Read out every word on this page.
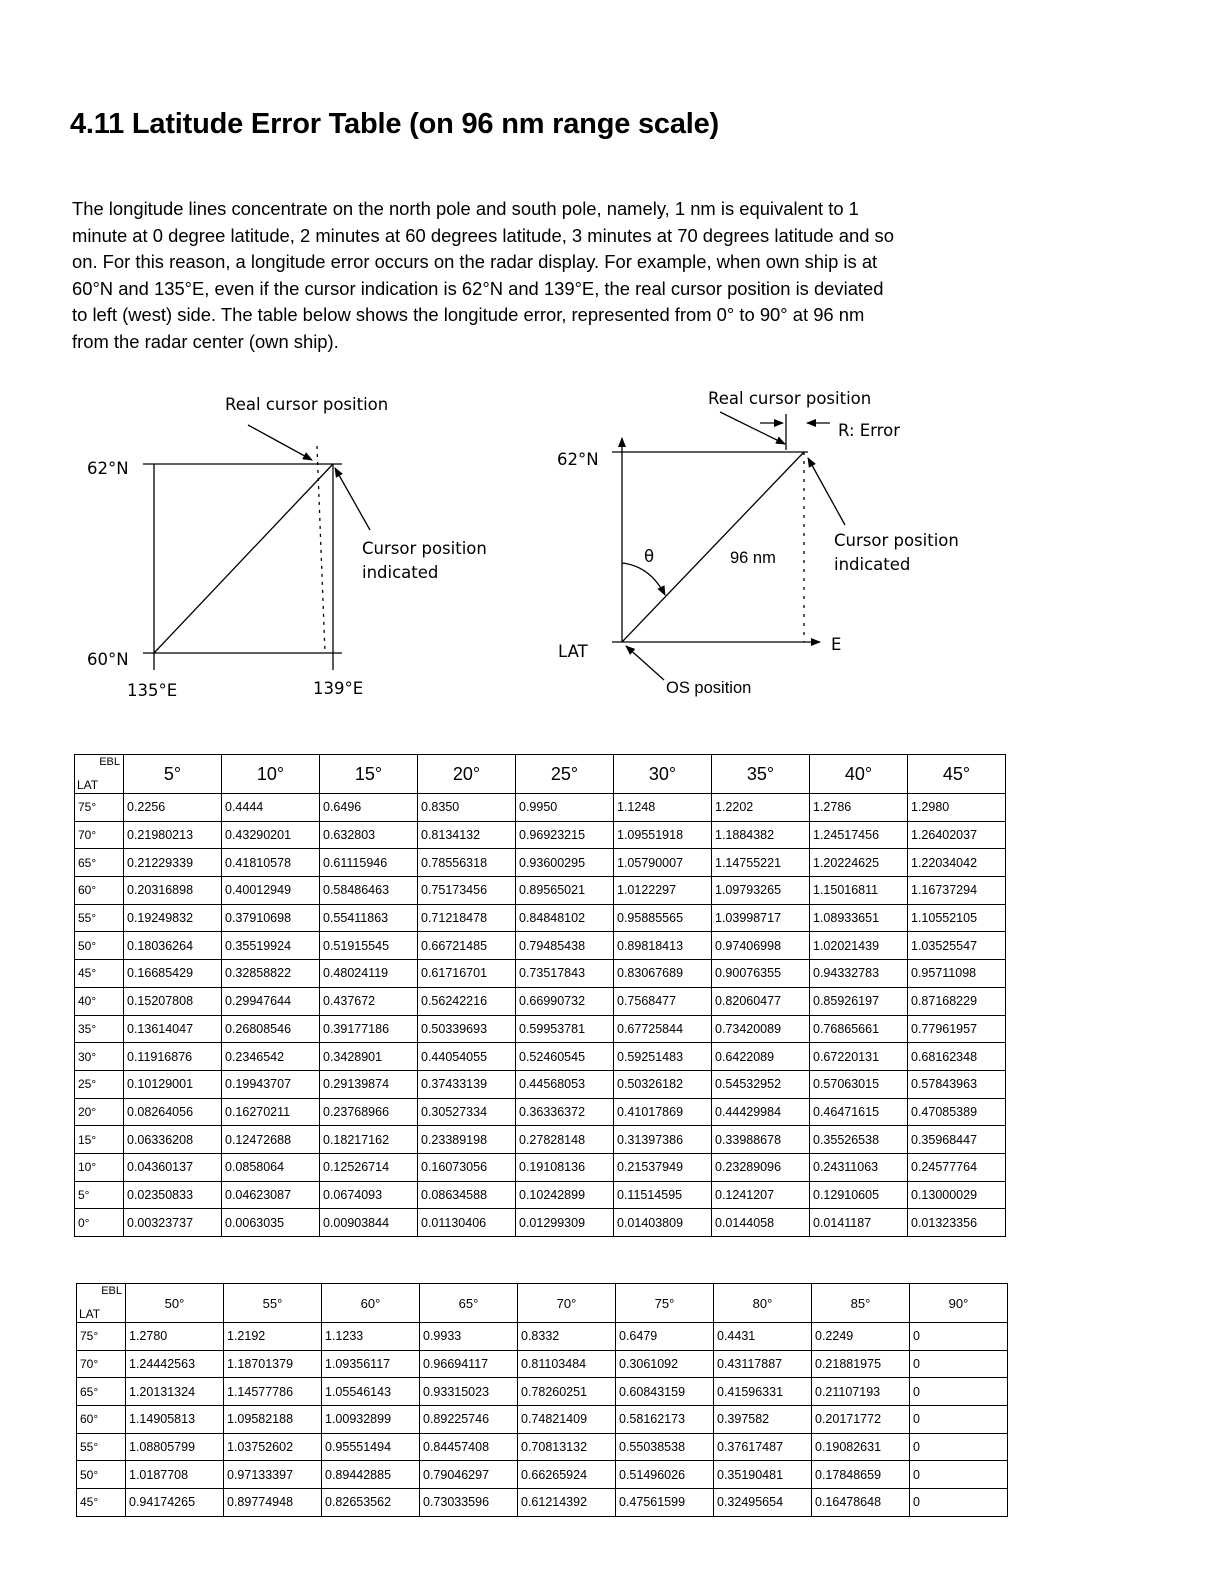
4.11 Latitude Error Table (on 96 nm range scale)

The longitude lines concentrate on the north pole and south pole, namely, 1 nm is equivalent to 1
minute at 0 degree latitude, 2 minutes at 60 degrees latitude, 3 minutes at 70 degrees latitude and so
on. For this reason, a longitude error occurs on the radar display. For example, when own ship is at
60°N and 135°E, even if the cursor indication is 62°N and 139°E, the real cursor position is deviated
to left (west) side. The table below shows the longitude error, represented from 0° to 90° at 96 nm
from the radar center (own ship).

Real cursor position
62°N
60°N
Cursor position
indicated
135°E	139°E
Real cursor position
R: Error
62°N
θ	96 nm
Cursor position
indicated
LAT	E
OS position
EBL
LAT	5°	10°	15°	20°	25°	30°	35°	40°	45°
75°	0.2256	0.4444	0.6496	0.8350	0.9950	1.1248	1.2202	1.2786	1.2980
70°	0.21980213	0.43290201	0.632803	0.8134132	0.96923215	1.09551918	1.1884382	1.24517456	1.26402037
65°	0.21229339	0.41810578	0.61115946	0.78556318	0.93600295	1.05790007	1.14755221	1.20224625	1.22034042
60°	0.20316898	0.40012949	0.58486463	0.75173456	0.89565021	1.0122297	1.09793265	1.15016811	1.16737294
55°	0.19249832	0.37910698	0.55411863	0.71218478	0.84848102	0.95885565	1.03998717	1.08933651	1.10552105
50°	0.18036264	0.35519924	0.51915545	0.66721485	0.79485438	0.89818413	0.97406998	1.02021439	1.03525547
45°	0.16685429	0.32858822	0.48024119	0.61716701	0.73517843	0.83067689	0.90076355	0.94332783	0.95711098
40°	0.15207808	0.29947644	0.437672	0.56242216	0.66990732	0.7568477	0.82060477	0.85926197	0.87168229
35°	0.13614047	0.26808546	0.39177186	0.50339693	0.59953781	0.67725844	0.73420089	0.76865661	0.77961957
30°	0.11916876	0.2346542	0.3428901	0.44054055	0.52460545	0.59251483	0.6422089	0.67220131	0.68162348
25°	0.10129001	0.19943707	0.29139874	0.37433139	0.44568053	0.50326182	0.54532952	0.57063015	0.57843963
20°	0.08264056	0.16270211	0.23768966	0.30527334	0.36336372	0.41017869	0.44429984	0.46471615	0.47085389
15°	0.06336208	0.12472688	0.18217162	0.23389198	0.27828148	0.31397386	0.33988678	0.35526538	0.35968447
10°	0.04360137	0.0858064	0.12526714	0.16073056	0.19108136	0.21537949	0.23289096	0.24311063	0.24577764
5°	0.02350833	0.04623087	0.0674093	0.08634588	0.10242899	0.11514595	0.1241207	0.12910605	0.13000029
0°	0.00323737	0.0063035	0.00903844	0.01130406	0.01299309	0.01403809	0.0144058	0.0141187	0.01323356
EBL
LAT	50°	55°	60°	65°	70°	75°	80°	85°	90°
75°	1.2780	1.2192	1.1233	0.9933	0.8332	0.6479	0.4431	0.2249	0
70°	1.24442563	1.18701379	1.09356117	0.96694117	0.81103484	0.3061092	0.43117887	0.21881975	0
65°	1.20131324	1.14577786	1.05546143	0.93315023	0.78260251	0.60843159	0.41596331	0.21107193	0
60°	1.14905813	1.09582188	1.00932899	0.89225746	0.74821409	0.58162173	0.397582	0.20171772	0
55°	1.08805799	1.03752602	0.95551494	0.84457408	0.70813132	0.55038538	0.37617487	0.19082631	0
50°	1.0187708	0.97133397	0.89442885	0.79046297	0.66265924	0.51496026	0.35190481	0.17848659	0
45°	0.94174265	0.89774948	0.82653562	0.73033596	0.61214392	0.47561599	0.32495654	0.16478648	0
